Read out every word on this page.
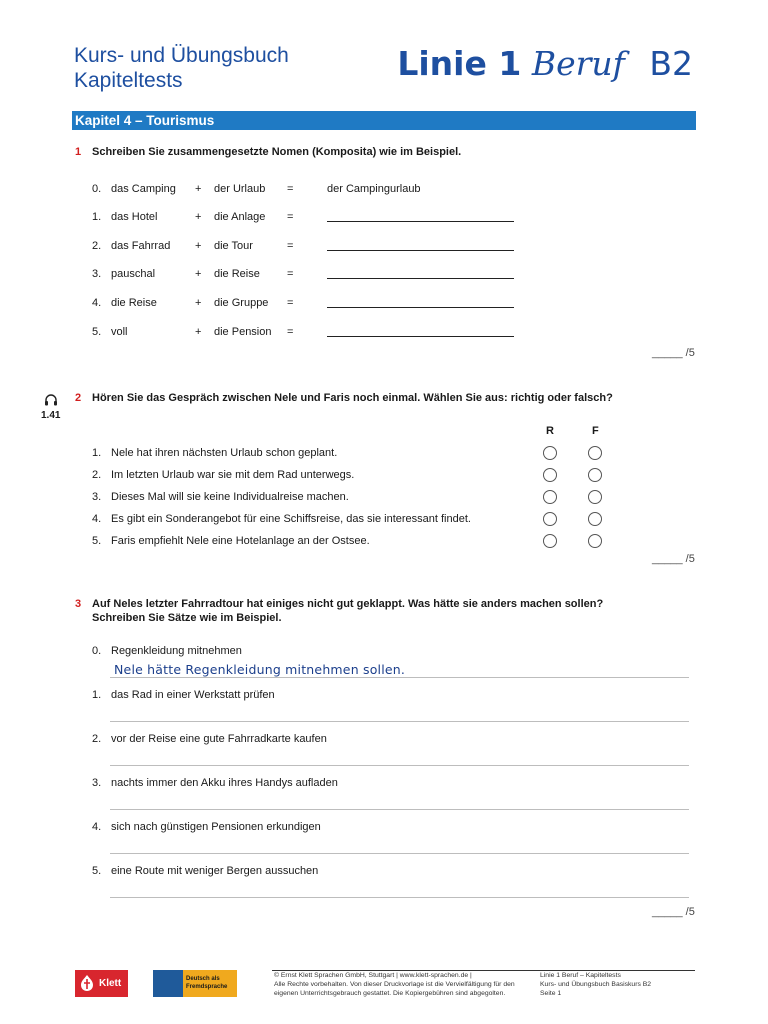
Kurs- und Übungsbuch
Kapiteltests	Linie 1 Beruf B2
Kapitel 4 – Tourismus
1 Schreiben Sie zusammengesetzte Nomen (Komposita) wie im Beispiel.
0. das Camping + der Urlaub =	der Campingurlaub
1. das Hotel	+ die Anlage =
2. das Fahrrad + die Tour	=
3. pauschal	+ die Reise =
4. die Reise	+ die Gruppe =
5. voll	+ die Pension =
_____ /5
1.41
2 Hören Sie das Gespräch zwischen Nele und Faris noch einmal. Wählen Sie aus: richtig oder falsch?
R	F
1. Nele hat ihren nächsten Urlaub schon geplant.
2. Im letzten Urlaub war sie mit dem Rad unterwegs.
3. Dieses Mal will sie keine Individualreise machen.
4. Es gibt ein Sonderangebot für eine Schiffsreise, das sie interessant findet.
5. Faris empfiehlt Nele eine Hotelanlage an der Ostsee.
_____ /5
3 Auf Neles letzter Fahrradtour hat einiges nicht gut geklappt. Was hätte sie anders machen sollen?
Schreiben Sie Sätze wie im Beispiel.
0. Regenkleidung mitnehmen
Nele hätte Regenkleidung mitnehmen sollen.
1. das Rad in einer Werkstatt prüfen
2. vor der Reise eine gute Fahrradkarte kaufen
3. nachts immer den Akku ihres Handys aufladen
4. sich nach günstigen Pensionen erkundigen
5. eine Route mit weniger Bergen aussuchen
_____ /5
Klett	Deutsch als
Fremdsprache
© Ernst Klett Sprachen GmbH, Stuttgart | www.klett-sprachen.de |
Alle Rechte vorbehalten. Von dieser Druckvorlage ist die Vervielfältigung für den
eigenen Unterrichtsgebrauch gestattet. Die Kopiergebühren sind abgegolten.
Linie 1 Beruf – Kapiteltests
Kurs- und Übungsbuch Basiskurs B2
Seite 1
